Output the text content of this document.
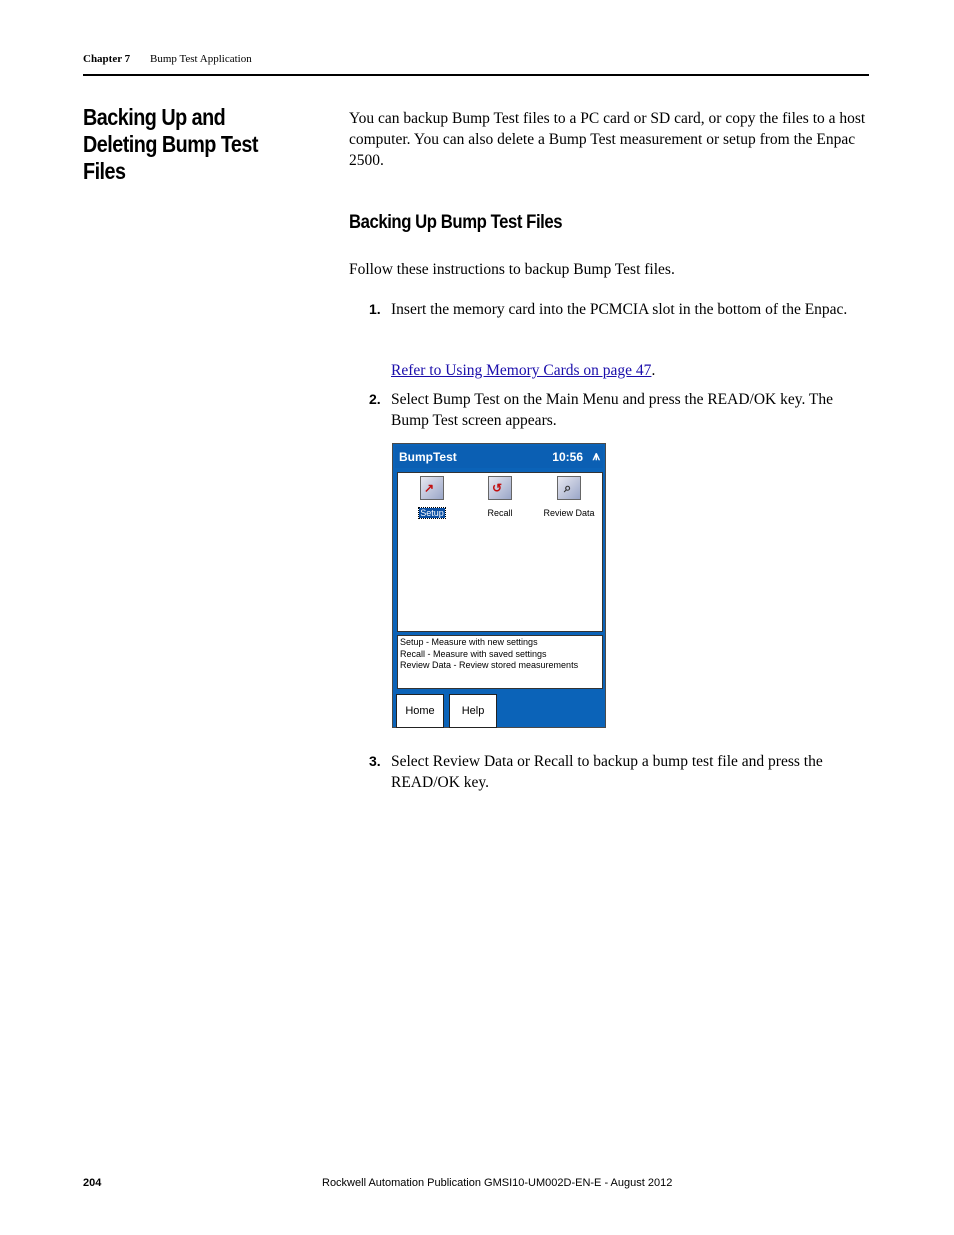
Chapter 7 Bump Test Application
Backing Up and Deleting Bump Test Files
You can backup Bump Test files to a PC card or SD card, or copy the files to a host computer. You can also delete a Bump Test measurement or setup from the Enpac 2500.
Backing Up Bump Test Files
Follow these instructions to backup Bump Test files.
1. Insert the memory card into the PCMCIA slot in the bottom of the Enpac.
Refer to Using Memory Cards on page 47.
2. Select Bump Test on the Main Menu and press the READ/OK key. The Bump Test screen appears.
BumpTest	10:56 ⩚
↗
Setup
↺
Recall
⌕
Review Data
Setup - Measure with new settings
Recall - Measure with saved settings
Review Data - Review stored measurements
Home	Help
3. Select Review Data or Recall to backup a bump test file and press the READ/OK key.
204	Rockwell Automation Publication GMSI10-UM002D-EN-E - August 2012
